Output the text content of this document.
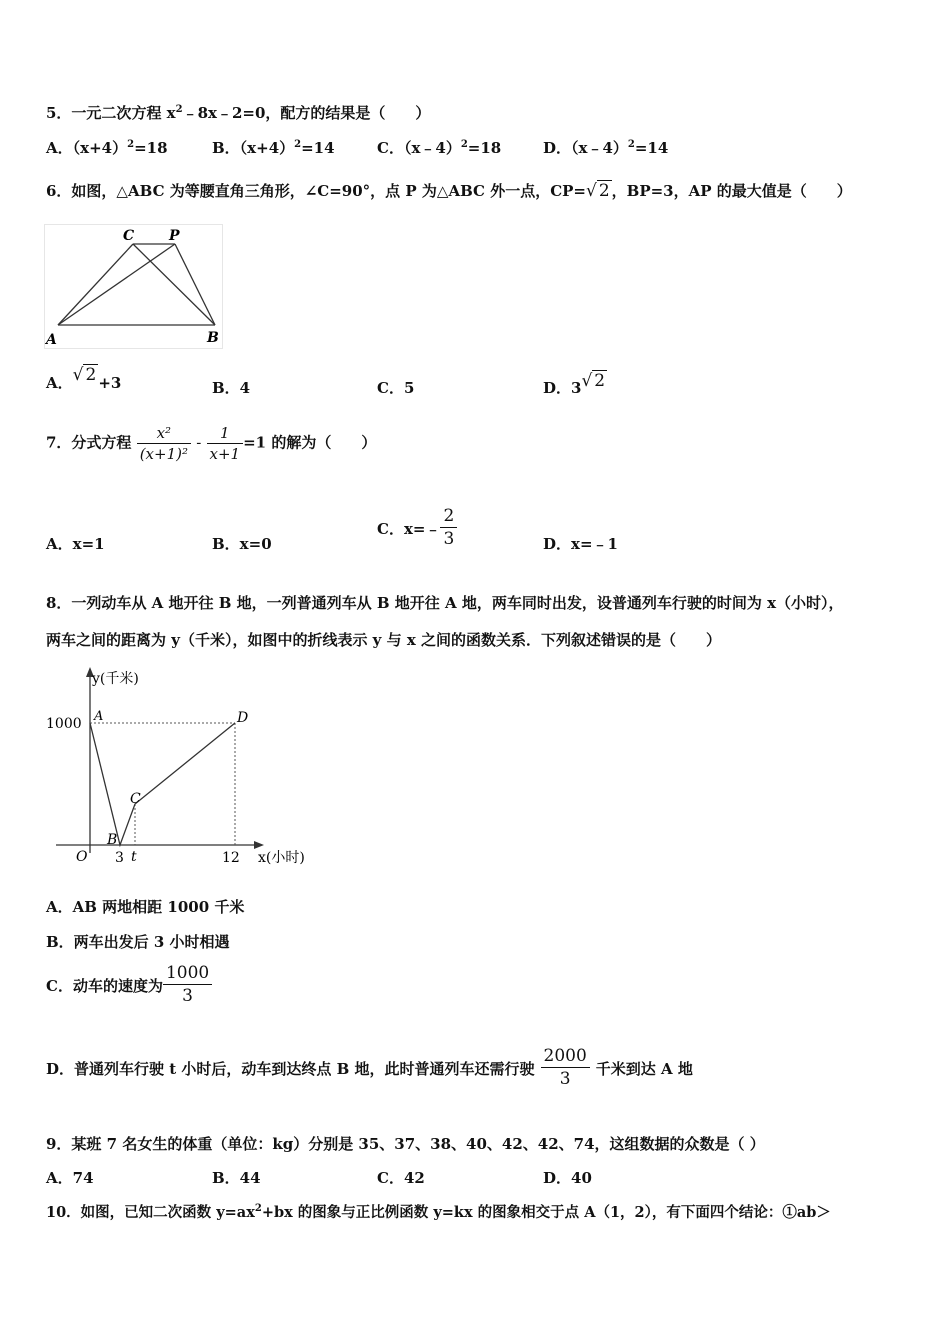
5．一元二次方程 $x^2﹣8x﹣2=0$，配方的结果是（　　）
A．$(x+4)^2=18$	B．$(x+4)^2=14$	C．（x﹣4）$^2$=18	D．（x﹣4）$^2$=14
6．如图，△ABC 为等腰直角三角形，∠C=90°，点 P 为△ABC 外一点，CP=√ 2 ，BP=3，AP 的最大值是（　　）
C P
A	B
A．√ 2 +3	B．4	C．5	D．3√ 2
7．分式方程 $\frac{\text{x²}}{\text{(x+1)²}} - \frac{1}{x+1} =1$ 的解为（　　）
A．x=1	B．x=0
C．x=﹣ $\frac{2}{3}$	D．x=﹣1
8．一列动车从 A 地开往 B 地，一列普通列车从 B 地开往 A 地，两车同时出发，设普通列车行驶的时间为 x（小时），
两车之间的距离为 y（千米），如图中的折线表示 y 与 x 之间的函数关系．下列叙述错误的是（　　）
y(千米)
x(小时)
1000
O 3 t	12
A
B
C
D
A．AB 两地相距 1000 千米
B．两车出发后 3 小时相遇
C．动车的速度为 $\frac{1000}{3}$
D．普通列车行驶 t 小时后，动车到达终点 B 地，此时普通列车还需行驶 $\frac{2000}{3}$ 千米到达 A 地
9．某班 7 名女生的体重（单位：kg）分别是 35、37、38、40、42、42、74，这组数据的众数是（ ）
A．74	B．44	C．42	D．40
10．如图，已知二次函数 $y=ax^2+bx$ 的图象与正比例函数 y=kx 的图象相交于点 A（1，2），有下面四个结论：①ab＞
